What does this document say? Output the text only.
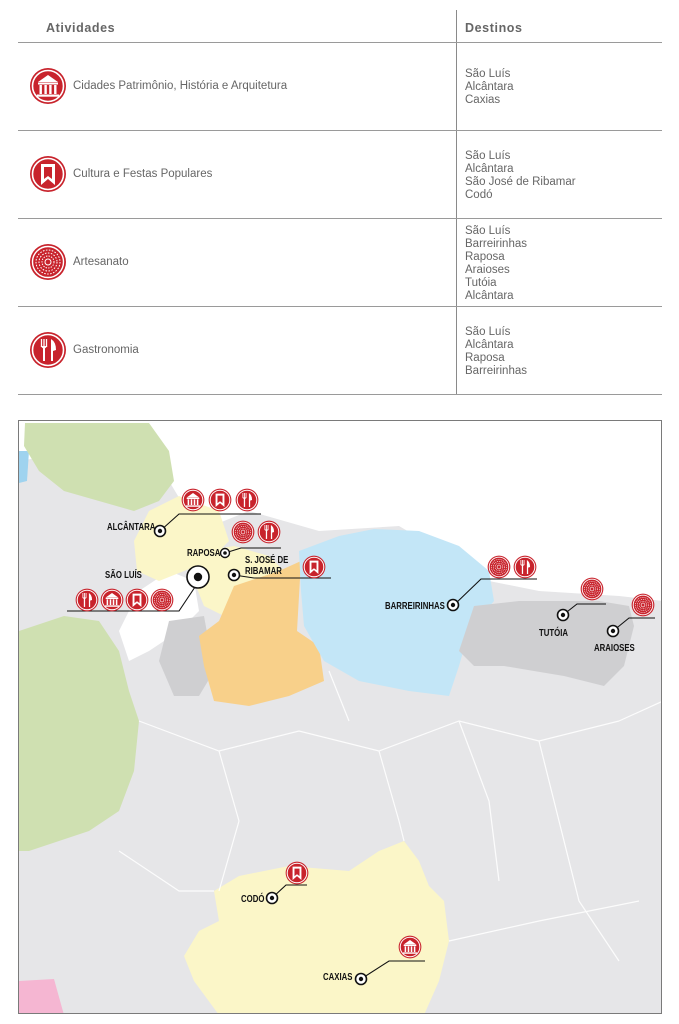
Atividades	Destinos
Cidades Patrimônio, História e Arquitetura
São Luís
Alcântara
Caxias
Cultura e Festas Populares
São Luís
Alcântara
São José de Ribamar
Codó
Artesanato
São Luís
Barreirinhas
Raposa
Araioses
Tutóia
Alcântara
Gastronomia
São Luís
Alcântara
Raposa
Barreirinhas
ALCÂNTARA
RAPOSA
S. JOSÉ DE
RIBAMAR
SÃO LUÍS
BARREIRINHAS
TUTÓIA
ARAIOSES
CODÓ
CAXIAS
